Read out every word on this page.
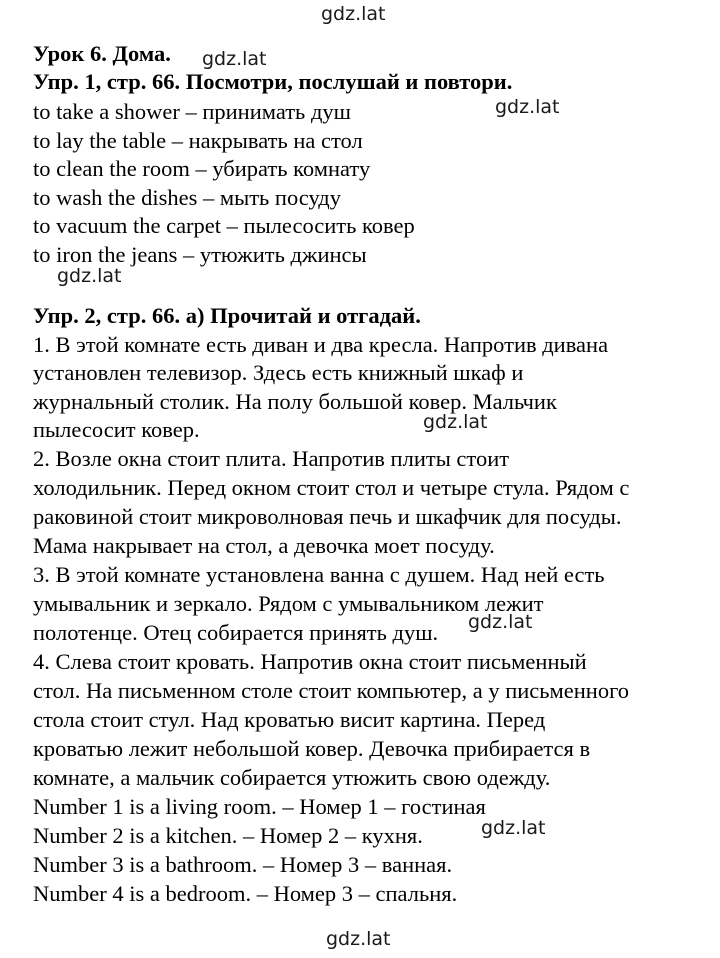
Урок 6. Дома.
Упр. 1, стр. 66. Посмотри, послушай и повтори.
to take a shower – принимать душ
to lay the table – накрывать на стол
to clean the room – убирать комнату
to wash the dishes – мыть посуду
to vacuum the carpet – пылесосить ковер
to iron the jeans – утюжить джинсы
Упр. 2, стр. 66. а) Прочитай и отгадай.
1. В этой комнате есть диван и два кресла. Напротив дивана
установлен телевизор. Здесь есть книжный шкаф и
журнальный столик. На полу большой ковер. Мальчик
пылесосит ковер.
2. Возле окна стоит плита. Напротив плиты стоит
холодильник. Перед окном стоит стол и четыре стула. Рядом с
раковиной стоит микроволновая печь и шкафчик для посуды.
Мама накрывает на стол, а девочка моет посуду.
3. В этой комнате установлена ванна с душем. Над ней есть
умывальник и зеркало. Рядом с умывальником лежит
полотенце. Отец собирается принять душ.
4. Слева стоит кровать. Напротив окна стоит письменный
стол. На письменном столе стоит компьютер, а у письменного
стола стоит стул. Над кроватью висит картина. Перед
кроватью лежит небольшой ковер. Девочка прибирается в
комнате, а мальчик собирается утюжить свою одежду.
Number 1 is a living room. – Номер 1 – гостиная
Number 2 is a kitchen. – Номер 2 – кухня.
Number 3 is a bathroom. – Номер 3 – ванная.
Number 4 is a bedroom. – Номер 3 – спальня.
gdz.lat
gdz.lat
gdz.lat
gdz.lat
gdz.lat
gdz.lat
gdz.lat
gdz.lat
